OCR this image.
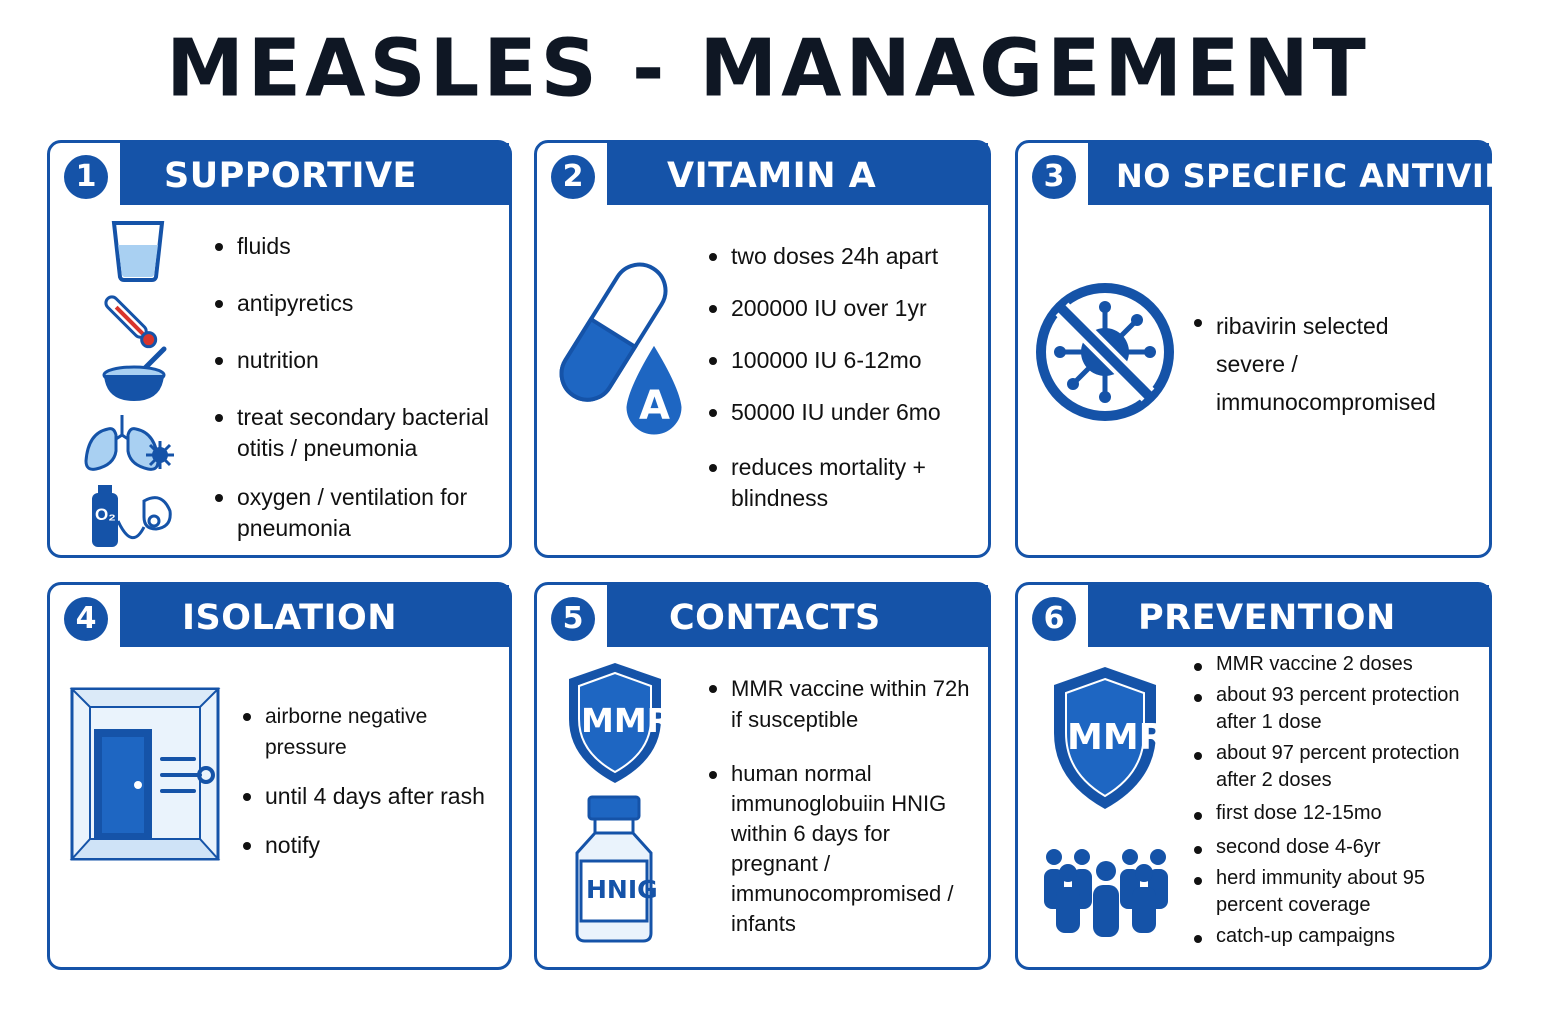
MEASLES - MANAGEMENT
1	SUPPORTIVE
O₂
fluids
antipyretics
nutrition
treat secondary bacterial otitis / pneumonia
oxygen / ventilation for pneumonia
2	VITAMIN A
A
two doses 24h apart
200000 IU over 1yr
100000 IU 6-12mo
50000 IU under 6mo
reduces mortality + blindness
3	NO SPECIFIC ANTIVIRAL
ribavirin selected severe / immunocompromised
4	ISOLATION
airborne negative pressure
until 4 days after rash
notify
5	CONTACTS
MMR
HNIG
MMR vaccine within 72h if susceptible
human normal immunoglobuiin HNIG within 6 days for pregnant / immunocompromised / infants
6	PREVENTION
MMR
MMR vaccine 2 doses
about 93 percent protection after 1 dose
about 97 percent protection after 2 doses
first dose 12-15mo
second dose 4-6yr
herd immunity about 95 percent coverage
catch-up campaigns
